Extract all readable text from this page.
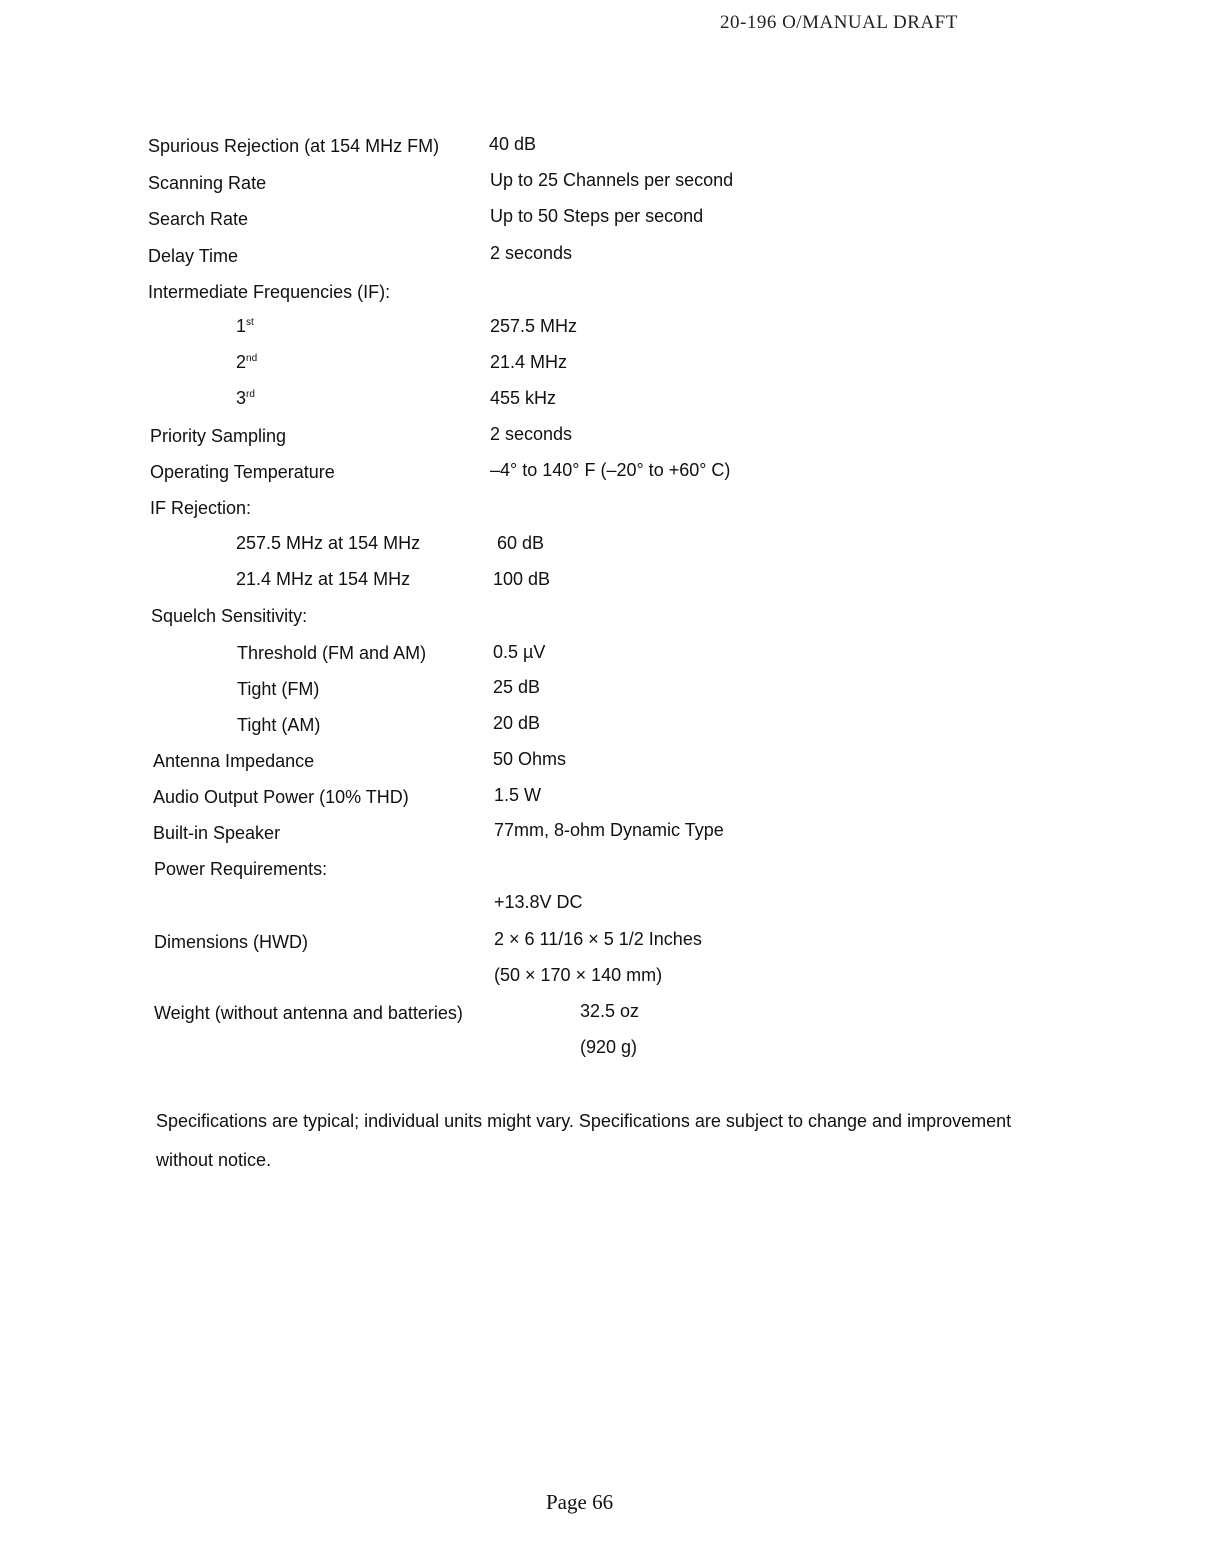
20-196 O/MANUAL DRAFT
Spurious Rejection (at 154 MHz FM)	40 dB
Scanning Rate	Up to 25 Channels per second
Search Rate	Up to 50 Steps per second
Delay Time	2 seconds
Intermediate Frequencies (IF):
1st	257.5 MHz
2nd	21.4 MHz
3rd	455 kHz
Priority Sampling	2 seconds
Operating Temperature	–4° to 140° F (–20° to +60° C)
IF Rejection:
257.5 MHz at 154 MHz	60 dB
21.4 MHz at 154 MHz	100 dB
Squelch Sensitivity:
Threshold (FM and AM)	0.5 µV
Tight (FM)	25 dB
Tight (AM)	20 dB
Antenna Impedance	50 Ohms
Audio Output Power (10% THD)	1.5 W
Built-in Speaker	77mm, 8-ohm Dynamic Type
Power Requirements:
+13.8V DC
Dimensions (HWD)	2 × 6 11/16 × 5 1/2 Inches
(50 × 170 × 140 mm)
Weight (without antenna and batteries)	32.5 oz
(920 g)
Specifications are typical; individual units might vary. Specifications are subject to change and improvement without notice.
Page 66
